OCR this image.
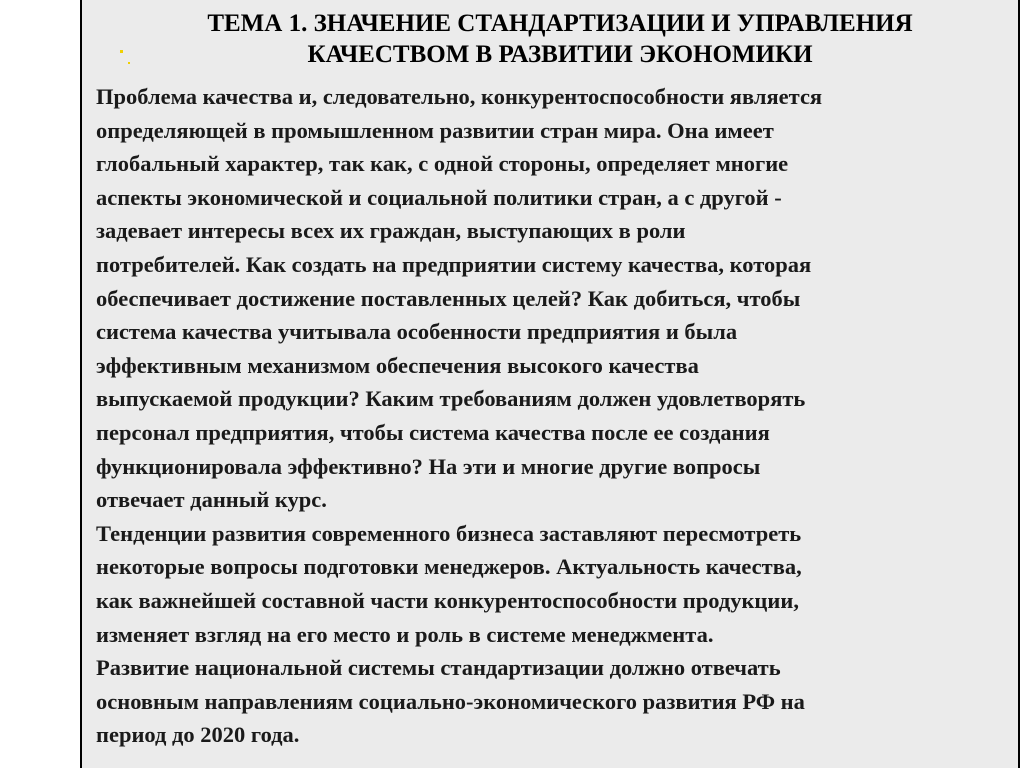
ТЕМА 1. ЗНАЧЕНИЕ СТАНДАРТИЗАЦИИ И УПРАВЛЕНИЯ
КАЧЕСТВОМ В РАЗВИТИИ ЭКОНОМИКИ
Проблема качества и, следовательно, конкурентоспособности является
определяющей в промышленном развитии стран мира. Она имеет
глобальный характер, так как, с одной стороны, определяет многие
аспекты экономической и социальной политики стран, а с другой -
задевает интересы всех их граждан, выступающих в роли
потребителей. Как создать на предприятии систему качества, которая
обеспечивает достижение поставленных целей? Как добиться, чтобы
система качества учитывала особенности предприятия и была
эффективным механизмом обеспечения высокого качества
выпускаемой продукции? Каким требованиям должен удовлетворять
персонал предприятия, чтобы система качества после ее создания
функционировала эффективно? На эти и многие другие вопросы
отвечает данный курс.
Тенденции развития современного бизнеса заставляют пересмотреть
некоторые вопросы подготовки менеджеров. Актуальность качества,
как важнейшей составной части конкурентоспособности продукции,
изменяет взгляд на его место и роль в системе менеджмента.
Развитие национальной системы стандартизации должно отвечать
основным направлениям социально-экономического развития РФ на
период до 2020 года.
